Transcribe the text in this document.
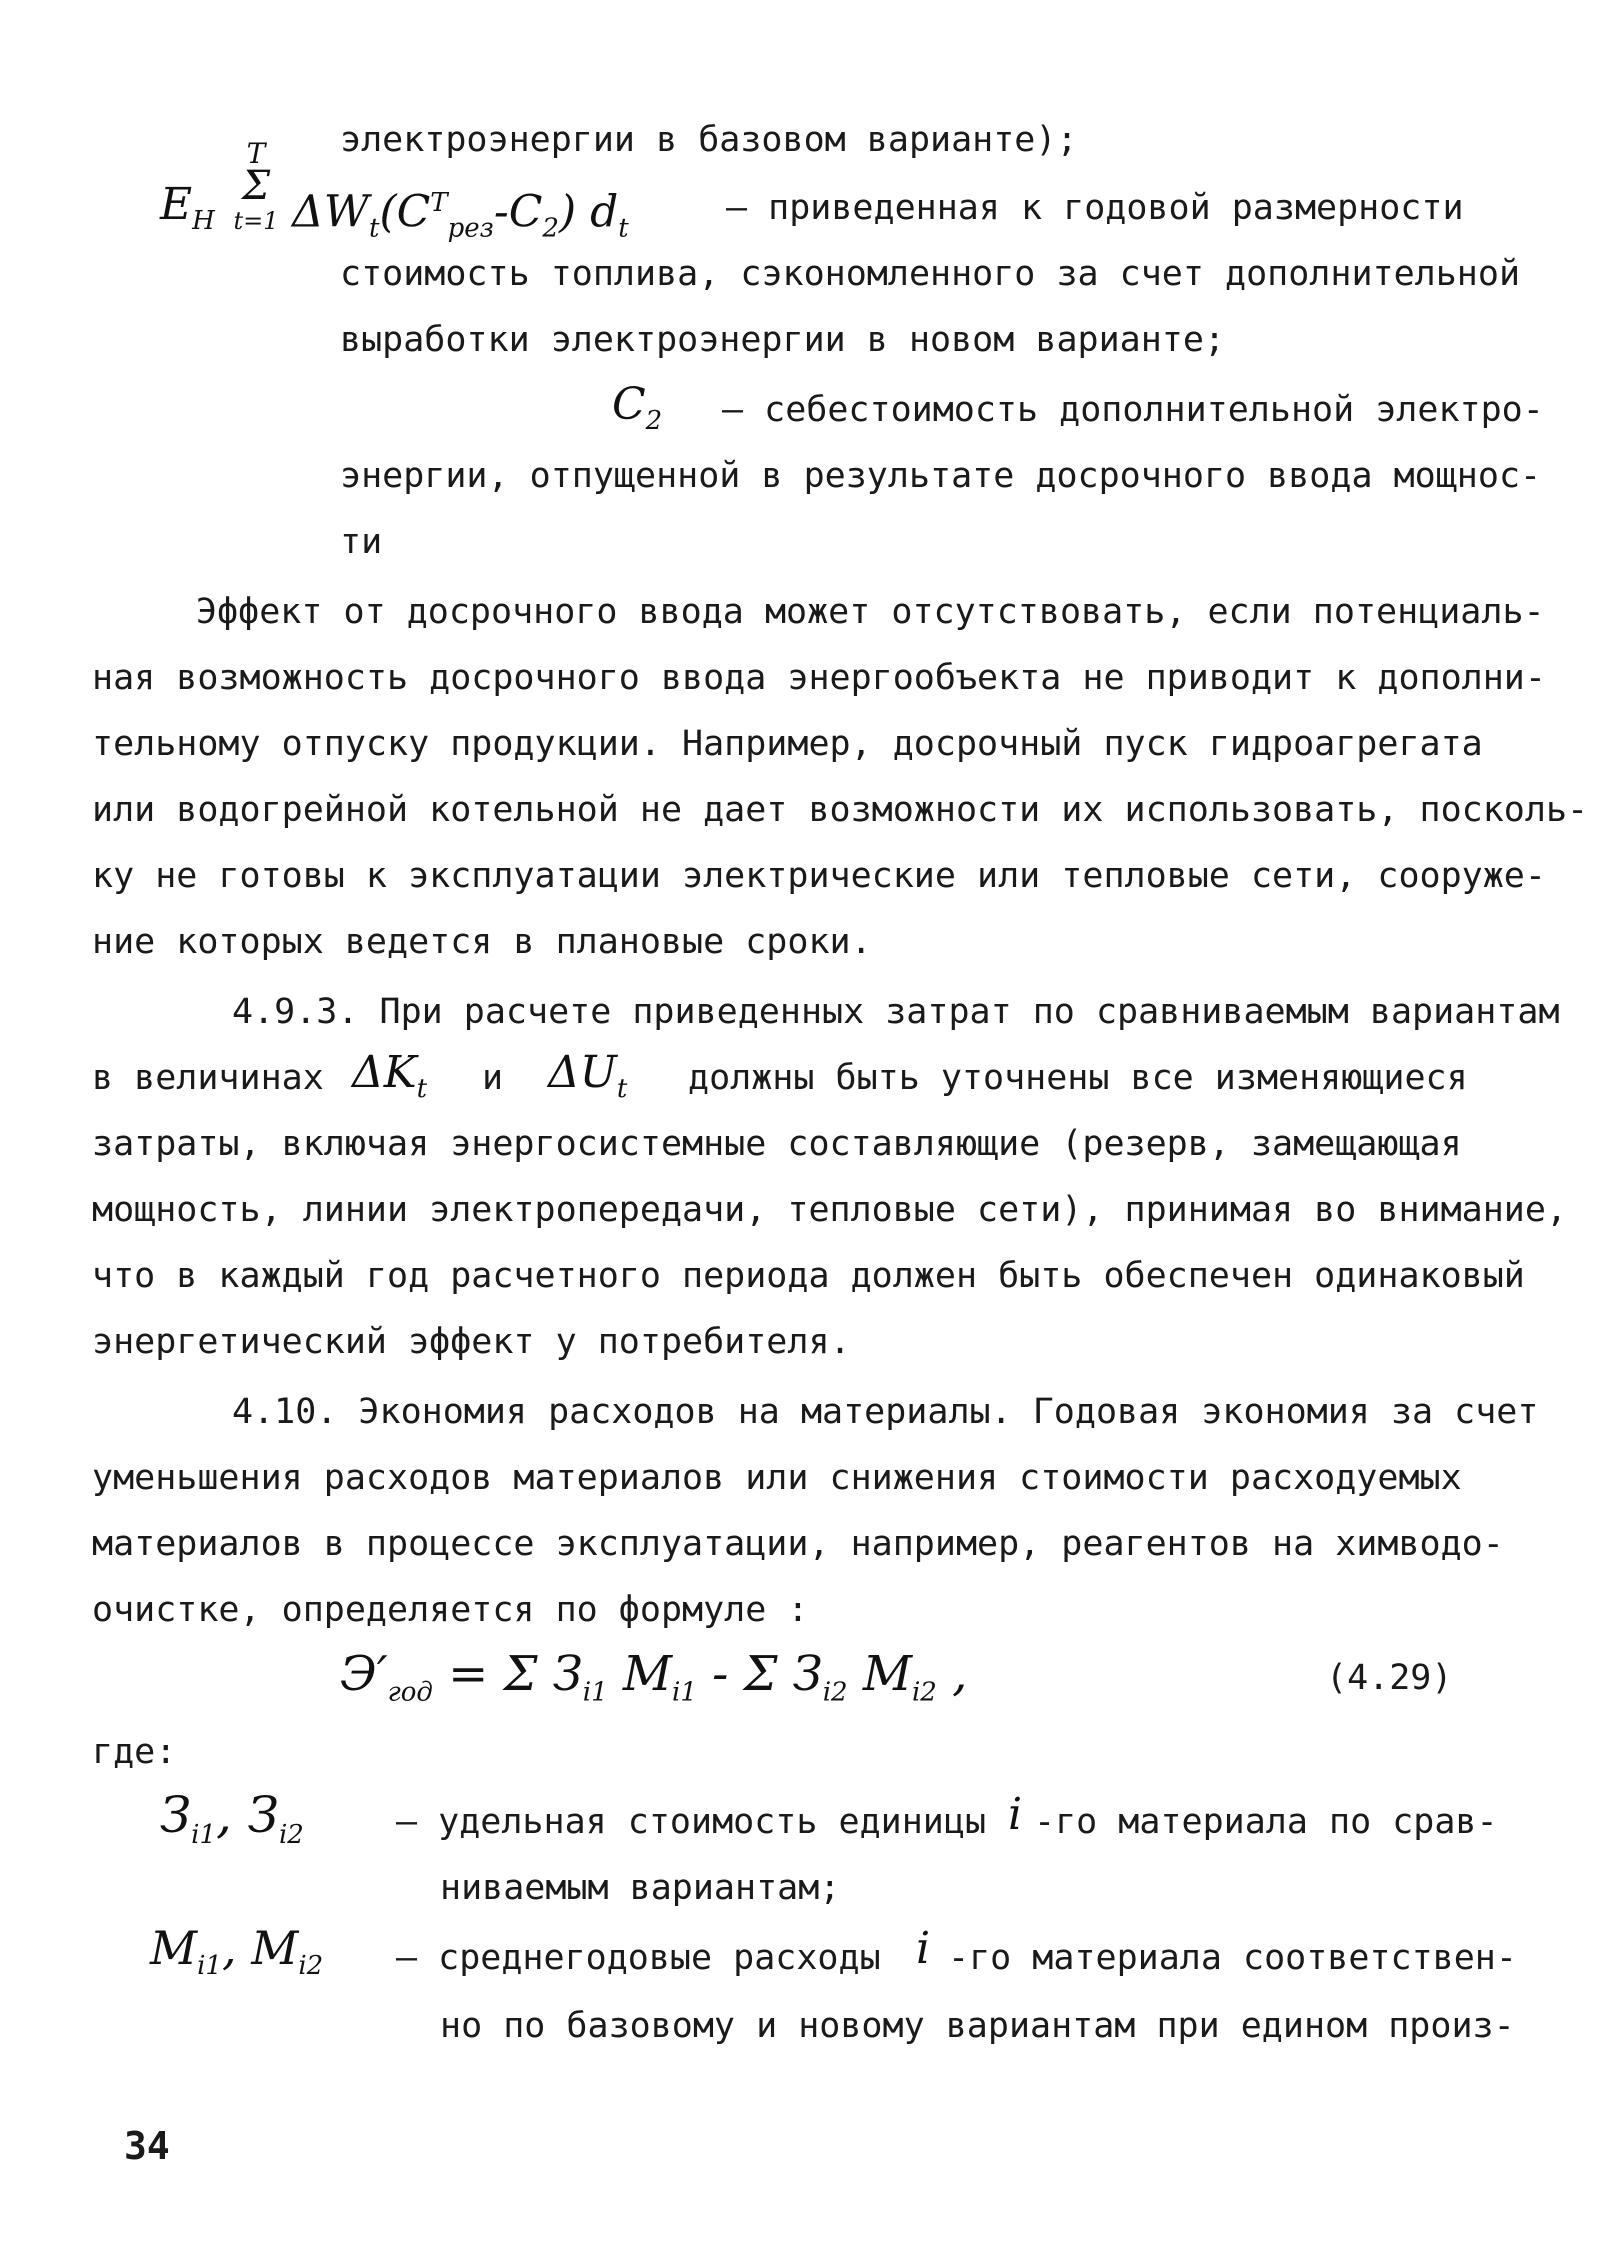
электроэнергии в базовом варианте);
T
Σ
t=1
$E_Н$ $\Delta W_t(C^T_{рез}-C_2)$ $d_t$
– приведенная к годовой размерности
стоимость топлива, сэкономленного за счет дополнительной
выработки электроэнергии в новом варианте;
$C_2$ – себестоимость дополнительной электро-
энергии, отпущенной в результате досрочного ввода мощнос-
ти
Эффект от досрочного ввода может отсутствовать, если потенциаль-
ная возможность досрочного ввода энергообъекта не приводит к дополни-
тельному отпуску продукции. Например, досрочный пуск гидроагрегата
или водогрейной котельной не дает возможности их использовать, посколь-
ку не готовы к эксплуатации электрические или тепловые сети, сооруже-
ние которых ведется в плановые сроки.
4.9.3. При расчете приведенных затрат по сравниваемым вариантам
в величинах $\Delta K_t$ и $\Delta U_t$ должны быть уточнены все изменяющиеся
затраты, включая энергосистемные составляющие (резерв, замещающая
мощность, линии электропередачи, тепловые сети), принимая во внимание,
что в каждый год расчетного периода должен быть обеспечен одинаковый
энергетический эффект у потребителя.
4.10. Экономия расходов на материалы. Годовая экономия за счет
уменьшения расходов материалов или снижения стоимости расходуемых
материалов в процессе эксплуатации, например, реагентов на химводо-
очистке, определяется по формуле :
$Э'_{год} = \Sigma$ $З_{i1}$ $M_{i1}$ - Σ $З_{i2}$ $M_{i2}$ ,	(4.29)
где:
$З_{i1}$, $З_{i2}$	– удельная стоимость единицы i -го материала по срав-
ниваемым вариантам;
$M_{i1}$, $M_{i2}$ – среднегодовые расходы i -го материала соответствен-
но по базовому и новому вариантам при едином произ-
34
